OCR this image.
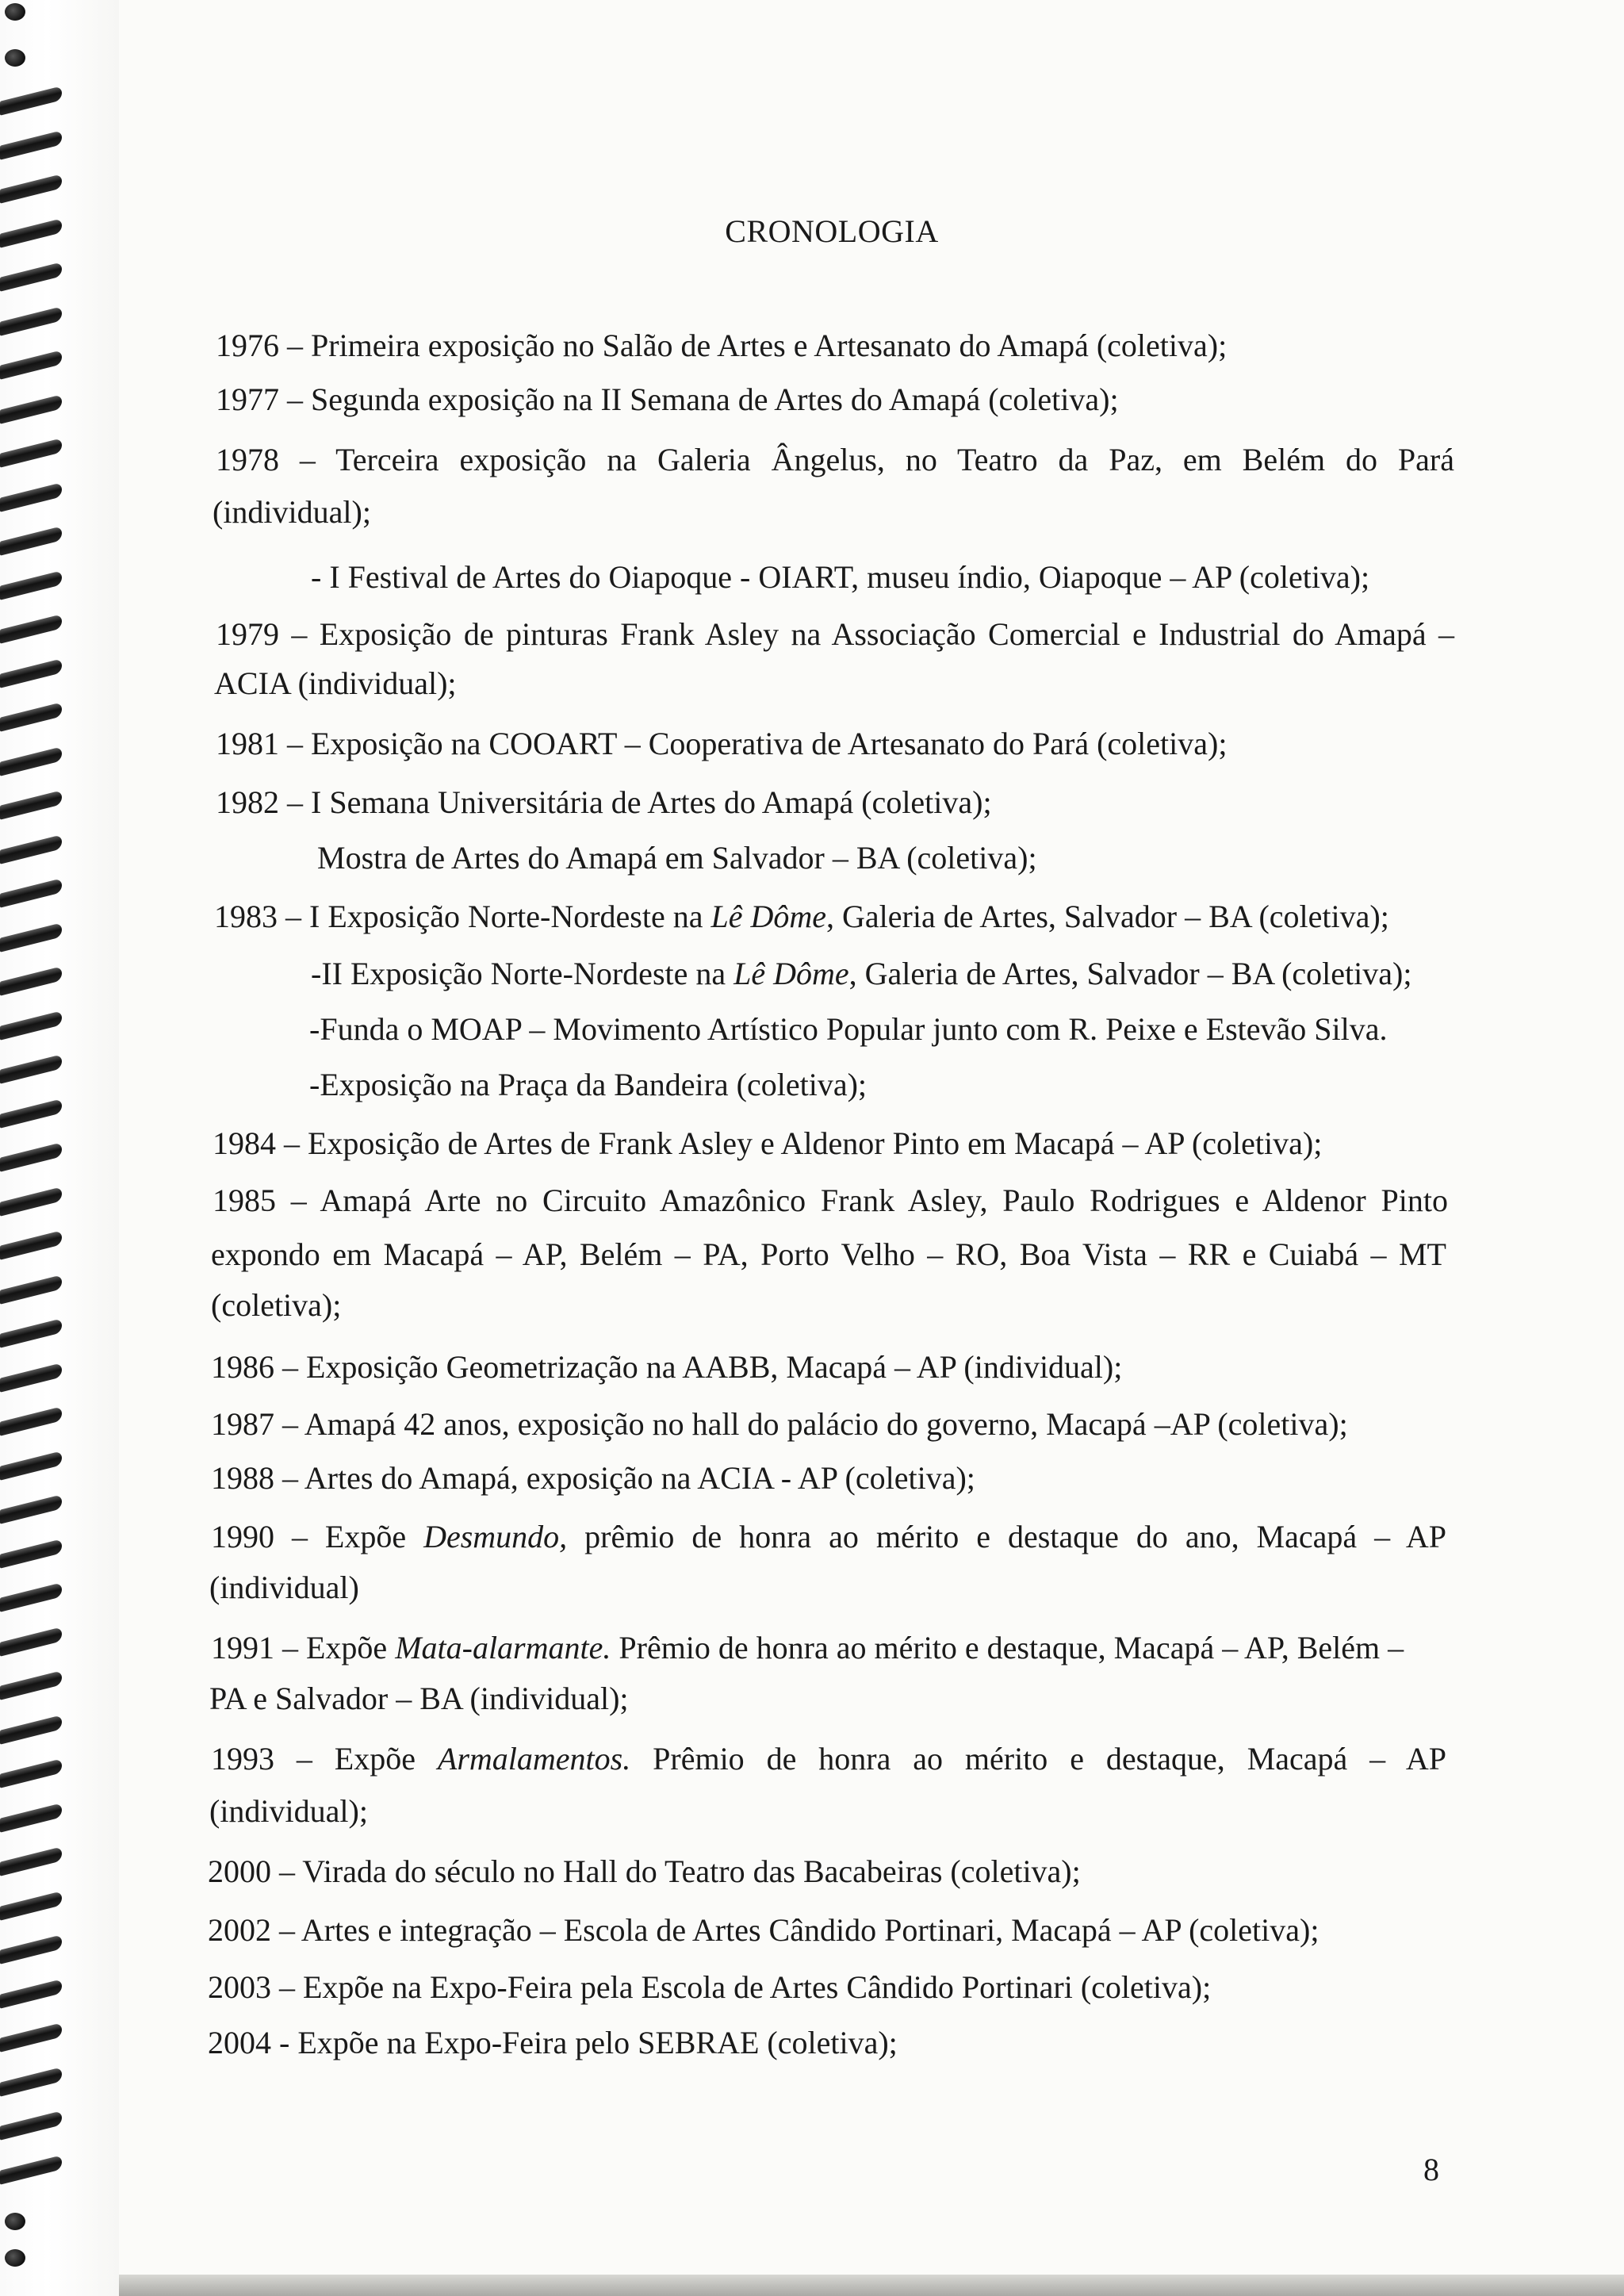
CRONOLOGIA

1976 – Primeira exposição no Salão de Artes e Artesanato do Amapá (coletiva);

1977 – Segunda exposição na II Semana de Artes do Amapá (coletiva);

1978 – Terceira exposição na Galeria Ângelus, no Teatro da Paz, em Belém do Pará

(individual);

- I Festival de Artes do Oiapoque - OIART, museu índio, Oiapoque – AP (coletiva);

1979 – Exposição de pinturas Frank Asley na Associação Comercial e Industrial do Amapá –

ACIA (individual);

1981 – Exposição na COOART – Cooperativa de Artesanato do Pará (coletiva);

1982 – I Semana Universitária de Artes do Amapá (coletiva);

Mostra de Artes do Amapá em Salvador – BA (coletiva);

1983 – I Exposição Norte-Nordeste na Lê Dôme, Galeria de Artes, Salvador – BA (coletiva);

-II Exposição Norte-Nordeste na Lê Dôme, Galeria de Artes, Salvador – BA (coletiva);

-Funda o MOAP – Movimento Artístico Popular junto com R. Peixe e Estevão Silva.

-Exposição na Praça da Bandeira (coletiva);

1984 – Exposição de Artes de Frank Asley e Aldenor Pinto em Macapá – AP (coletiva);

1985 – Amapá Arte no Circuito Amazônico Frank Asley, Paulo Rodrigues e Aldenor Pinto

expondo em Macapá – AP, Belém – PA, Porto Velho – RO, Boa Vista – RR e Cuiabá – MT

(coletiva);

1986 – Exposição Geometrização na AABB, Macapá – AP (individual);

1987 – Amapá 42 anos, exposição no hall do palácio do governo, Macapá –AP (coletiva);

1988 – Artes do Amapá, exposição na ACIA - AP (coletiva);

1990 – Expõe Desmundo, prêmio de honra ao mérito e destaque do ano, Macapá – AP

(individual)

1991 – Expõe Mata-alarmante. Prêmio de honra ao mérito e destaque, Macapá – AP, Belém –

PA e Salvador – BA (individual);

1993 – Expõe Armalamentos. Prêmio de honra ao mérito e destaque, Macapá – AP

(individual);

2000 – Virada do século no Hall do Teatro das Bacabeiras (coletiva);

2002 – Artes e integração – Escola de Artes Cândido Portinari, Macapá – AP (coletiva);

2003 – Expõe na Expo-Feira pela Escola de Artes Cândido Portinari (coletiva);

2004 - Expõe na Expo-Feira pelo SEBRAE (coletiva);

8
